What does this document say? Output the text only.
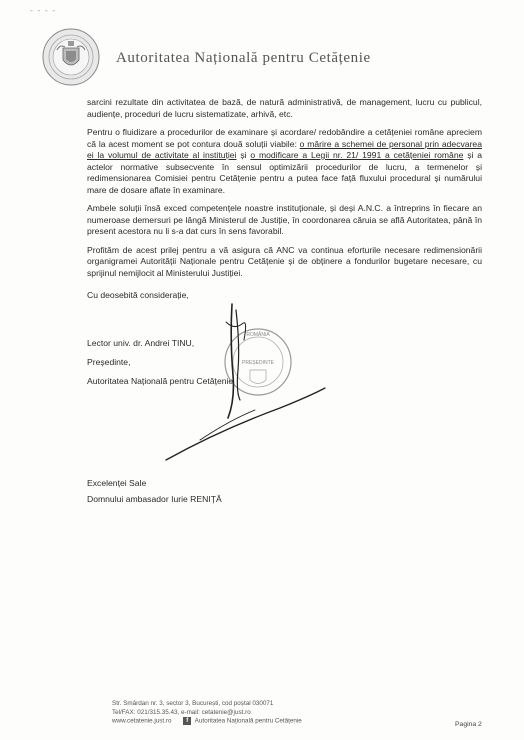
- - - -
Autoritatea Națională pentru Cetățenie

sarcini rezultate din activitatea de bază, de natură administrativă, de management, lucru cu publicul, audiențe, proceduri de lucru sistematizate, arhivă, etc.

Pentru o fluidizare a procedurilor de examinare și acordare/ redobândire a cetățeniei române apreciem că la acest moment se pot contura două soluții viabile: o mărire a schemei de personal prin adecvarea ei la volumul de activitate al instituției și o modificare a Legii nr. 21/ 1991 a cetățeniei române și a actelor normative subsecvente în sensul optimizării procedurilor de lucru, a termenelor și redimensionarea Comisiei pentru Cetățenie pentru a putea face față fluxului procedural și numărului mare de dosare aflate în examinare.

Ambele soluții însă exced competențele noastre instituționale, și deși A.N.C. a întreprins în fiecare an numeroase demersuri pe lângă Ministerul de Justiție, în coordonarea căruia se află Autoritatea, până în present acestora nu li s-a dat curs în sens favorabil.

Profităm de acest prilej pentru a vă asigura că ANC va continua eforturile necesare redimensionării organigramei Autorității Naționale pentru Cetățenie și de obținere a fondurilor bugetare necesare, cu sprijinul nemijlocit al Ministerului Justiției.

Cu deosebită considerație,
Lector univ. dr. Andrei TINU,
Președinte,
Autoritatea Națională pentru Cetățenie
ROMÂNIA
PREȘEDINTE
Excelenței Sale
Domnului ambasador Iurie RENIȚĂ
Str. Smârdan nr. 3, sector 3, București, cod poștal 030071
Tel/FAX: 021/315.35.43, e-mail: cetatenie@just.ro
www.cetatenie.just.ro f Autoritatea Națională pentru Cetățenie	Pagina 2
